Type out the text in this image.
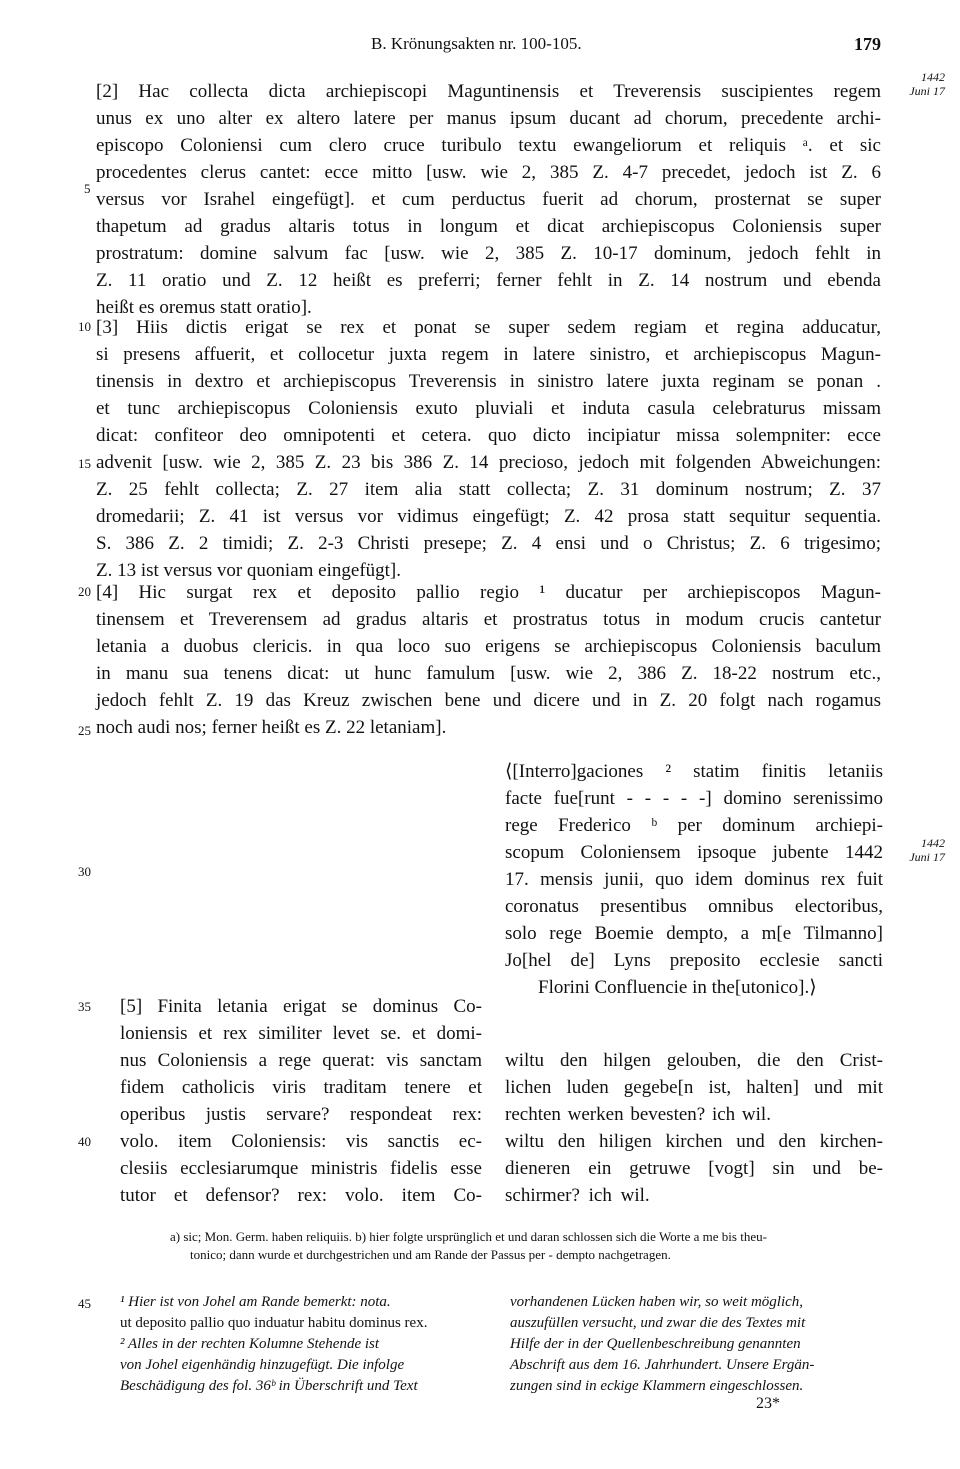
B. Krönungsakten nr. 100-105.	179
1442
Juni 17
1442
Juni 17
5
10
15
20
25
30
35
40
45
[2] Hac collecta dicta archiepiscopi Maguntinensis et Treverensis suscipientes regem
unus ex uno alter ex altero latere per manus ipsum ducant ad chorum, precedente archi-
episcopo Coloniensi cum clero cruce turibulo textu ewangeliorum et reliquis ᵃ. et sic
procedentes clerus cantet: ecce mitto [usw. wie 2, 385 Z. 4-7 precedet, jedoch ist Z. 6
versus vor Israhel eingefügt]. et cum perductus fuerit ad chorum, prosternat se super
thapetum ad gradus altaris totus in longum et dicat archiepiscopus Coloniensis super
prostratum: domine salvum fac [usw. wie 2, 385 Z. 10-17 dominum, jedoch fehlt in
Z. 11 oratio und Z. 12 heißt es preferri; ferner fehlt in Z. 14 nostrum und ebenda
heißt es oremus statt oratio].
[3] Hiis dictis erigat se rex et ponat se super sedem regiam et regina adducatur,
si presens affuerit, et collocetur juxta regem in latere sinistro, et archiepiscopus Magun-
tinensis in dextro et archiepiscopus Treverensis in sinistro latere juxta reginam se ponan .
et tunc archiepiscopus Coloniensis exuto pluviali et induta casula celebraturus missam
dicat: confiteor deo omnipotenti et cetera. quo dicto incipiatur missa solempniter: ecce
advenit [usw. wie 2, 385 Z. 23 bis 386 Z. 14 precioso, jedoch mit folgenden Abweichungen:
Z. 25 fehlt collecta; Z. 27 item alia statt collecta; Z. 31 dominum nostrum; Z. 37
dromedarii; Z. 41 ist versus vor vidimus eingefügt; Z. 42 prosa statt sequitur sequentia.
S. 386 Z. 2 timidi; Z. 2-3 Christi presepe; Z. 4 ensi und o Christus; Z. 6 trigesimo;
Z. 13 ist versus vor quoniam eingefügt].
[4] Hic surgat rex et deposito pallio regio ¹ ducatur per archiepiscopos Magun-
tinensem et Treverensem ad gradus altaris et prostratus totus in modum crucis cantetur
letania a duobus clericis. in qua loco suo erigens se archiepiscopus Coloniensis baculum
in manu sua tenens dicat: ut hunc famulum [usw. wie 2, 386 Z. 18-22 nostrum etc.,
jedoch fehlt Z. 19 das Kreuz zwischen bene und dicere und in Z. 20 folgt nach rogamus
noch audi nos; ferner heißt es Z. 22 letaniam].
⟨[Interro]gaciones ² statim finitis letaniis
facte fue[runt - - - - -] domino serenissimo
rege Frederico ᵇ per dominum archiepi-
scopum Coloniensem ipsoque jubente 1442
17. mensis junii, quo idem dominus rex fuit
coronatus presentibus omnibus electoribus,
solo rege Boemie dempto, a m[e Tilmanno]
Jo[hel de] Lyns preposito ecclesie sancti
Florini Confluencie in the[utonico].⟩
[5] Finita letania erigat se dominus Co-
loniensis et rex similiter levet se. et domi-
nus Coloniensis a rege querat: vis sanctam
fidem catholicis viris traditam tenere et
operibus justis servare? respondeat rex:
volo. item Coloniensis: vis sanctis ec-
clesiis ecclesiarumque ministris fidelis esse
tutor et defensor? rex: volo. item Co-
wiltu den hilgen gelouben, die den Crist-
lichen luden gegebe[n ist, halten] und mit
rechten werken bevesten? ich wil.
wiltu den hiligen kirchen und den kirchen-
dieneren ein getruwe [vogt] sin und be-
schirmer? ich wil.
a) sic; Mon. Germ. haben reliquiis. b) hier folgte ursprünglich et und daran schlossen sich die Worte a me bis theu-
tonico; dann wurde et durchgestrichen und am Rande der Passus per - dempto nachgetragen.
¹ Hier ist von Johel am Rande bemerkt: nota.
ut deposito pallio quo induatur habitu dominus rex.
² Alles in der rechten Kolumne Stehende ist
von Johel eigenhändig hinzugefügt. Die infolge
Beschädigung des fol. 36ᵇ in Überschrift und Text
vorhandenen Lücken haben wir, so weit möglich,
auszufüllen versucht, und zwar die des Textes mit
Hilfe der in der Quellenbeschreibung genannten
Abschrift aus dem 16. Jahrhundert. Unsere Ergän-
zungen sind in eckige Klammern eingeschlossen.
23*
